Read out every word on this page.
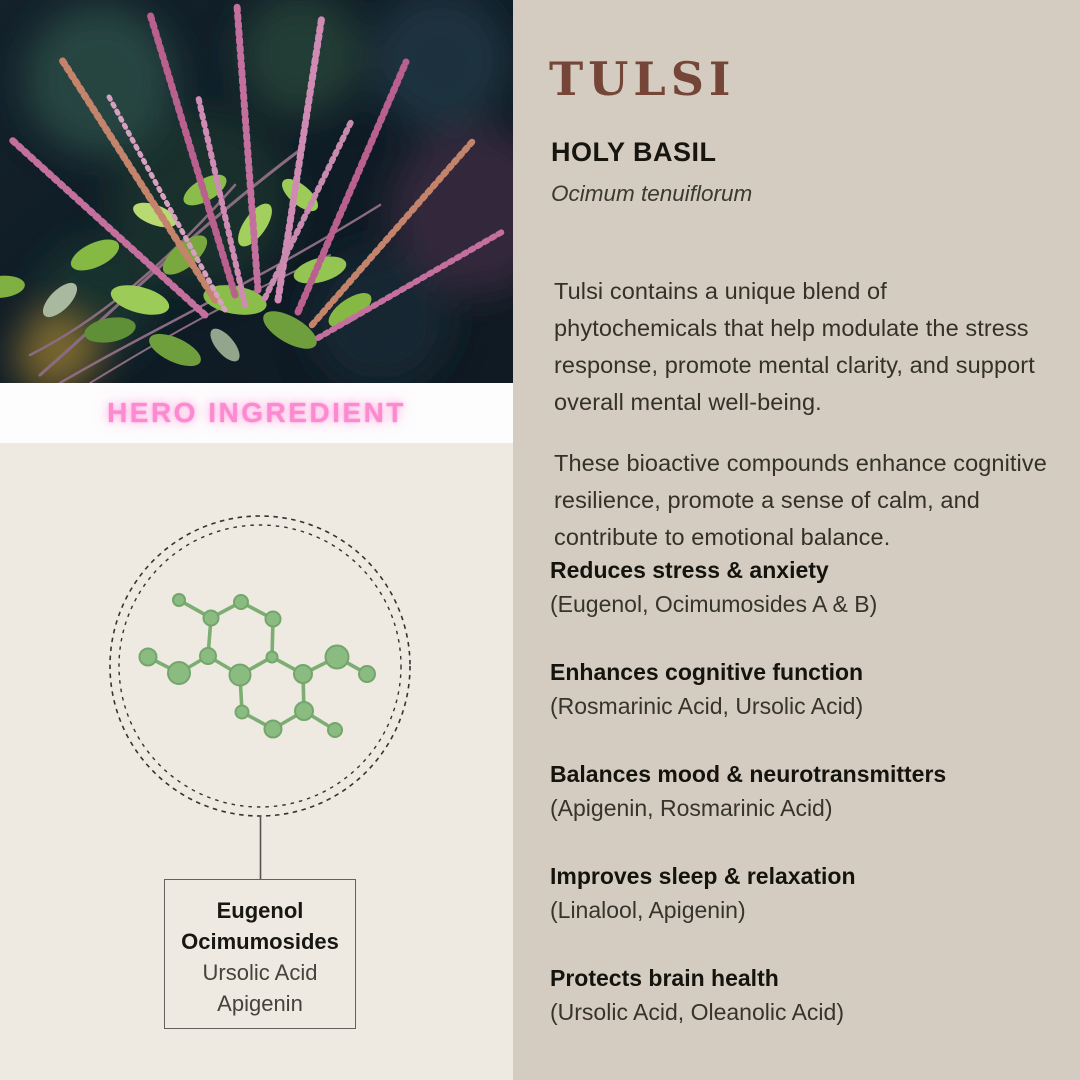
HERO INGREDIENT
Eugenol
Ocimumosides
Ursolic Acid
Apigenin
TULSI
HOLY BASIL
Ocimum tenuiflorum

Tulsi contains a unique blend of phytochemicals that help modulate the stress response, promote mental clarity, and support overall mental well-being.

These bioactive compounds enhance cognitive resilience, promote a sense of calm, and contribute to emotional balance.

Reduces stress & anxiety
(Eugenol, Ocimumosides A & B)
Enhances cognitive function
(Rosmarinic Acid, Ursolic Acid)
Balances mood & neurotransmitters
(Apigenin, Rosmarinic Acid)
Improves sleep & relaxation
(Linalool, Apigenin)
Protects brain health
(Ursolic Acid, Oleanolic Acid)
